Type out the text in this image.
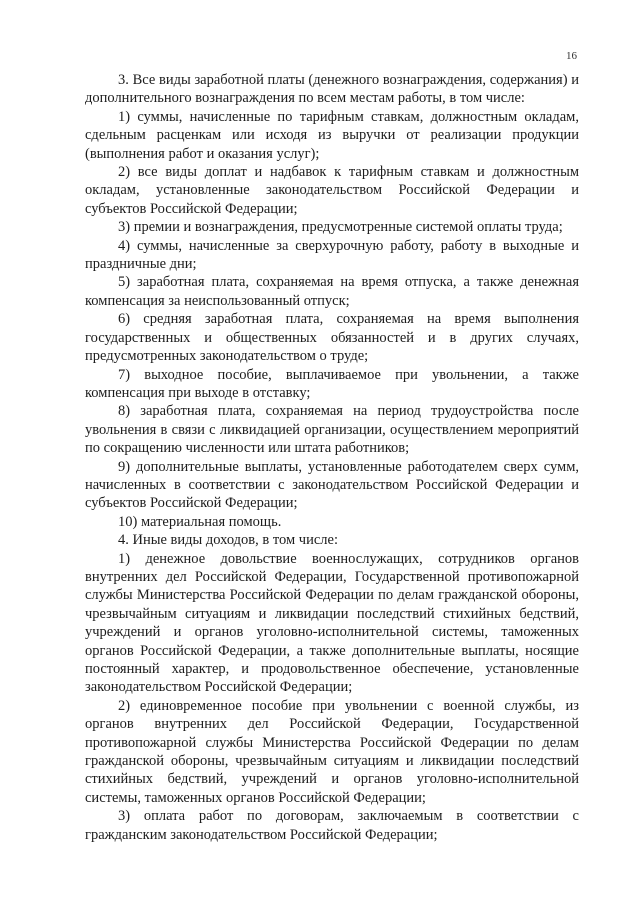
16

3. Все виды заработной платы (денежного вознаграждения, содержания) и дополнительного вознаграждения по всем местам работы, в том числе:

1) суммы, начисленные по тарифным ставкам, должностным окладам, сдельным расценкам или исходя из выручки от реализации продукции (выполнения работ и оказания услуг);

2) все виды доплат и надбавок к тарифным ставкам и должностным окладам, установленные законодательством Российской Федерации и субъектов Российской Федерации;

3) премии и вознаграждения, предусмотренные системой оплаты труда;

4) суммы, начисленные за сверхурочную работу, работу в выходные и праздничные дни;

5) заработная плата, сохраняемая на время отпуска, а также денежная компенсация за неиспользованный отпуск;

6) средняя заработная плата, сохраняемая на время выполнения государственных и общественных обязанностей и в других случаях, предусмотренных законодательством о труде;

7) выходное пособие, выплачиваемое при увольнении, а также компенсация при выходе в отставку;

8) заработная плата, сохраняемая на период трудоустройства после увольнения в связи с ликвидацией организации, осуществлением мероприятий по сокращению численности или штата работников;

9) дополнительные выплаты, установленные работодателем сверх сумм, начисленных в соответствии с законодательством Российской Федерации и субъектов Российской Федерации;

10) материальная помощь.

4. Иные виды доходов, в том числе:

1) денежное довольствие военнослужащих, сотрудников органов внутренних дел Российской Федерации, Государственной противопожарной службы Министерства Российской Федерации по делам гражданской обороны, чрезвычайным ситуациям и ликвидации последствий стихийных бедствий, учреждений и органов уголовно-исполнительной системы, таможенных органов Российской Федерации, а также дополнительные выплаты, носящие постоянный характер, и продовольственное обеспечение, установленные законодательством Российской Федерации;

2) единовременное пособие при увольнении с военной службы, из органов внутренних дел Российской Федерации, Государственной противопожарной службы Министерства Российской Федерации по делам гражданской обороны, чрезвычайным ситуациям и ликвидации последствий стихийных бедствий, учреждений и органов уголовно-исполнительной системы, таможенных органов Российской Федерации;

3) оплата работ по договорам, заключаемым в соответствии с гражданским законодательством Российской Федерации;
